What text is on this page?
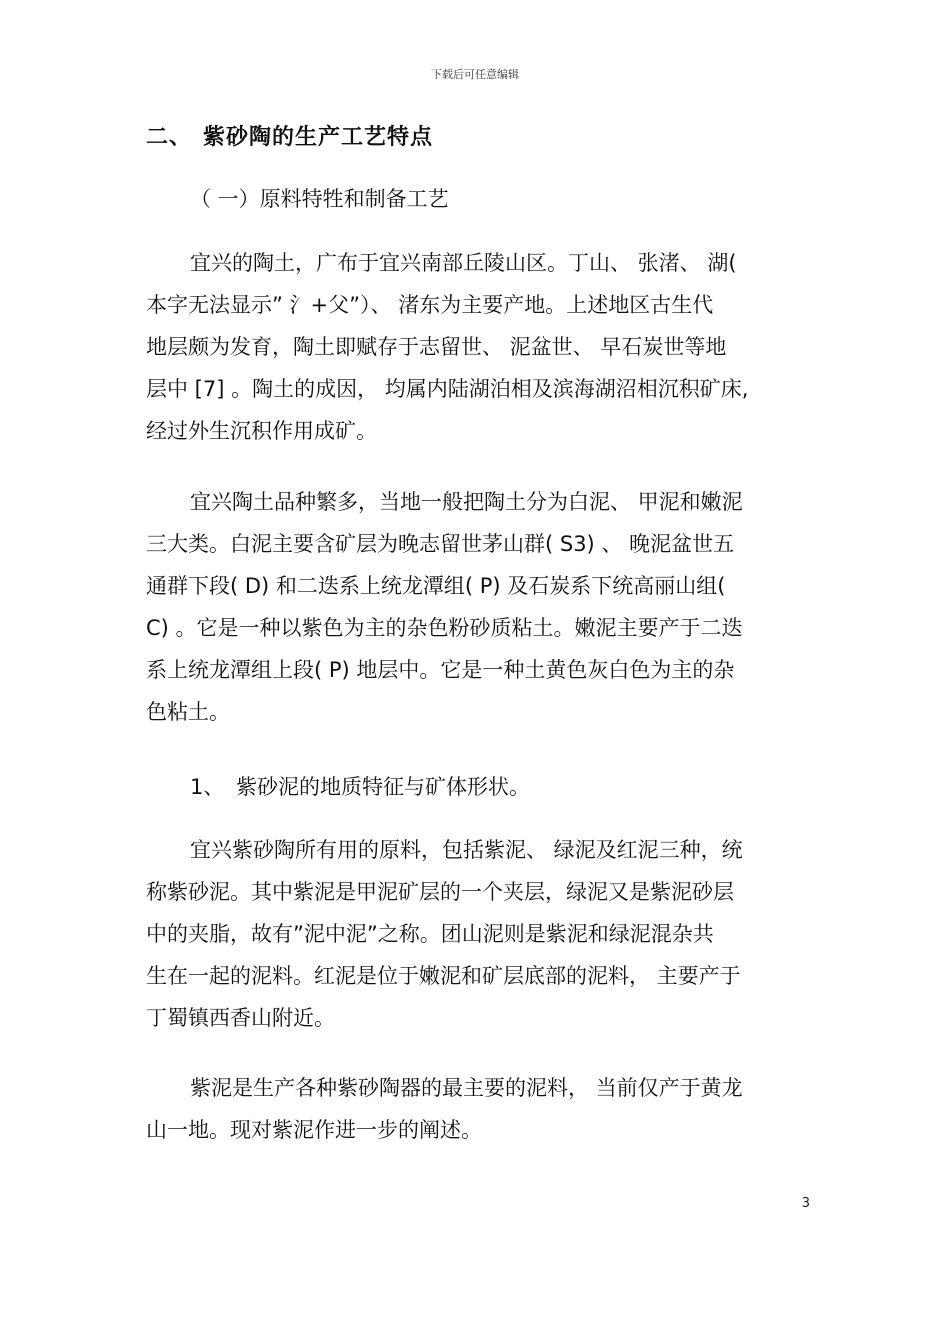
下载后可任意编辑
二、 紫砂陶的生产工艺特点
（ 一）原料特牲和制备工艺
宜兴的陶土，广布于宜兴南部丘陵山区。丁山、 张渚、 湖(
本字无法显示” 氵+父”）、 渚东为主要产地。上述地区古生代
地层颇为发育，陶土即赋存于志留世、 泥盆世、 早石炭世等地
层中 [7] 。陶土的成因， 均属内陆湖泊相及滨海湖沼相沉积矿床,
经过外生沉积作用成矿。
宜兴陶土品种繁多，当地一般把陶土分为白泥、 甲泥和嫩泥
三大类。白泥主要含矿层为晚志留世茅山群( S3) 、 晚泥盆世五
通群下段( D) 和二迭系上统龙潭组( P) 及石炭系下统高丽山组(
C) 。它是一种以紫色为主的杂色粉砂质粘土。嫩泥主要产于二迭
系上统龙潭组上段( P) 地层中。它是一种土黄色灰白色为主的杂
色粘土。
1、 紫砂泥的地质特征与矿体形状。
宜兴紫砂陶所有用的原料，包括紫泥、 绿泥及红泥三种，统
称紫砂泥。其中紫泥是甲泥矿层的一个夹层，绿泥又是紫泥砂层
中的夹脂，故有”泥中泥”之称。团山泥则是紫泥和绿泥混杂共
生在一起的泥料。红泥是位于嫩泥和矿层底部的泥料， 主要产于
丁蜀镇西香山附近。
紫泥是生产各种紫砂陶器的最主要的泥料， 当前仅产于黄龙
山一地。现对紫泥作进一步的阐述。
3
